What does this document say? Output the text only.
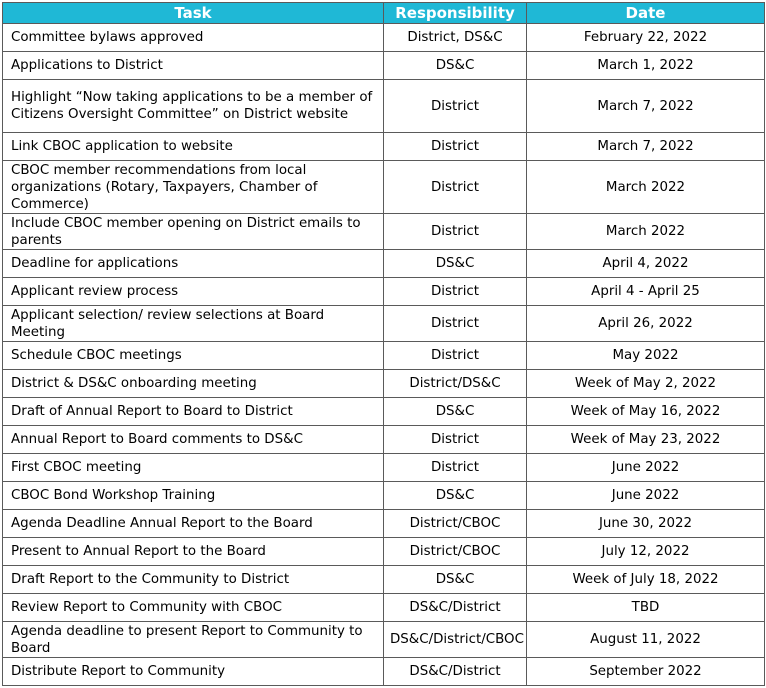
Task	Responsibility	Date
Committee bylaws approved	District, DS&C	February 22, 2022
Applications to District	DS&C	March 1, 2022
Highlight “Now taking applications to be a member of Citizens Oversight Committee” on District website	District	March 7, 2022
Link CBOC application to website	District	March 7, 2022
CBOC member recommendations from local organizations (Rotary, Taxpayers, Chamber of Commerce)	District	March 2022
Include CBOC member opening on District emails to parents	District	March 2022
Deadline for applications	DS&C	April 4, 2022
Applicant review process	District	April 4 - April 25
Applicant selection/ review selections at Board Meeting	District	April 26, 2022
Schedule CBOC meetings	District	May 2022
District & DS&C onboarding meeting	District/DS&C	Week of May 2, 2022
Draft of Annual Report to Board to District	DS&C	Week of May 16, 2022
Annual Report to Board comments to DS&C	District	Week of May 23, 2022
First CBOC meeting	District	June 2022
CBOC Bond Workshop Training	DS&C	June 2022
Agenda Deadline Annual Report to the Board	District/CBOC	June 30, 2022
Present to Annual Report to the Board	District/CBOC	July 12, 2022
Draft Report to the Community to District	DS&C	Week of July 18, 2022
Review Report to Community with CBOC	DS&C/District	TBD
Agenda deadline to present Report to Community to Board	DS&C/District/CBOC	August 11, 2022
Distribute Report to Community	DS&C/District	September 2022
